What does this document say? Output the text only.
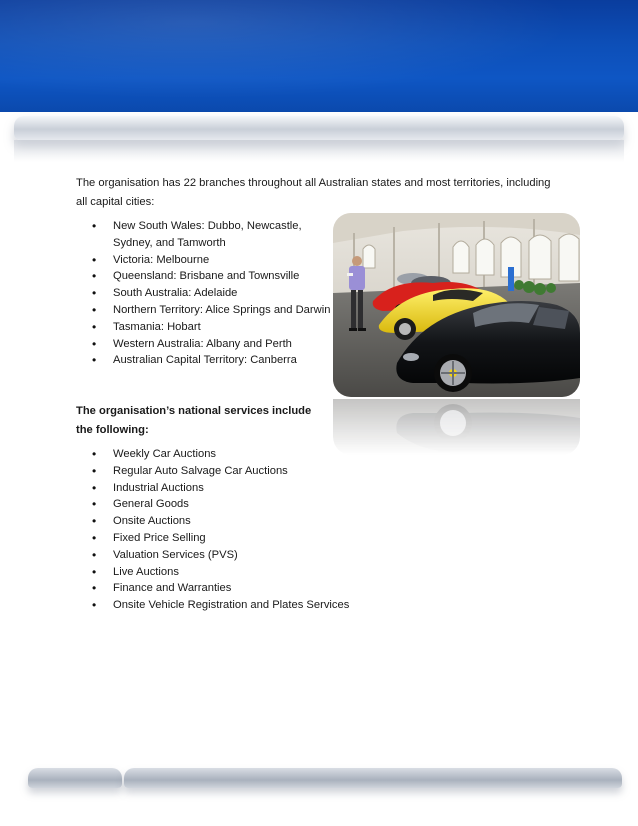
The organisation has 22 branches throughout all Australian states and most territories, including all capital cities:

• New South Wales: Dubbo, Newcastle, Sydney, and Tamworth
• Victoria: Melbourne
• Queensland: Brisbane and Townsville
• South Australia: Adelaide
• Northern Territory: Alice Springs and Darwin
• Tasmania: Hobart
• Western Australia: Albany and Perth
• Australian Capital Territory: Canberra

The organisation’s national services include the following:

• Weekly Car Auctions
• Regular Auto Salvage Car Auctions
• Industrial Auctions
• General Goods
• Onsite Auctions
• Fixed Price Selling
• Valuation Services (PVS)
• Live Auctions
• Finance and Warranties
• Onsite Vehicle Registration and Plates Services
